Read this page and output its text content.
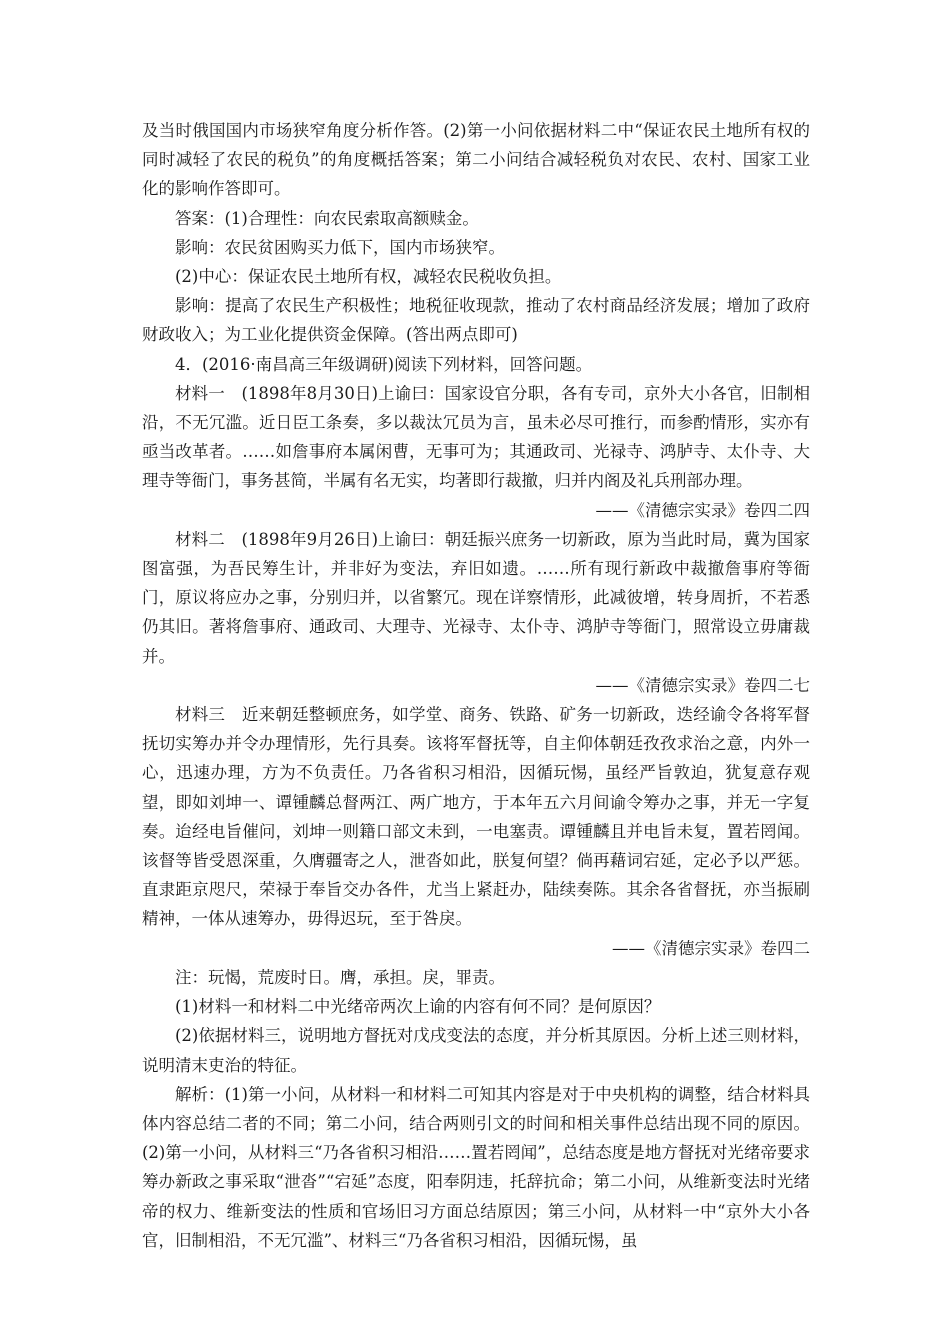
及当时俄国国内市场狭窄角度分析作答。(2)第一小问依据材料二中“保证农民土地所有权的同时减轻了农民的税负”的角度概括答案；第二小问结合减轻税负对农民、农村、国家工业化的影响作答即可。

答案：(1)合理性：向农民索取高额赎金。

影响：农民贫困购买力低下，国内市场狭窄。

(2)中心：保证农民土地所有权，减轻农民税收负担。

影响：提高了农民生产积极性；地税征收现款，推动了农村商品经济发展；增加了政府财政收入；为工业化提供资金保障。(答出两点即可)

4．(2016·南昌高三年级调研)阅读下列材料，回答问题。

材料一　(1898年8月30日)上谕曰：国家设官分职，各有专司，京外大小各官，旧制相沿，不无冗滥。近日臣工条奏，多以裁汰冗员为言，虽未必尽可推行，而参酌情形，实亦有亟当改革者。……如詹事府本属闲曹，无事可为；其通政司、光禄寺、鸿胪寺、太仆寺、大理寺等衙门，事务甚简，半属有名无实，均著即行裁撤，归并内阁及礼兵刑部办理。

——《清德宗实录》卷四二四

材料二　(1898年9月26日)上谕曰：朝廷振兴庶务一切新政，原为当此时局，冀为国家图富强，为吾民筹生计，并非好为变法，弃旧如遗。……所有现行新政中裁撤詹事府等衙门，原议将应办之事，分别归并，以省繁冗。现在详察情形，此减彼增，转身周折，不若悉仍其旧。著将詹事府、通政司、大理寺、光禄寺、太仆寺、鸿胪寺等衙门，照常设立毋庸裁并。

——《清德宗实录》卷四二七

材料三　近来朝廷整顿庶务，如学堂、商务、铁路、矿务一切新政，迭经谕令各将军督抚切实筹办并令办理情形，先行具奏。该将军督抚等，自主仰体朝廷孜孜求治之意，内外一心，迅速办理，方为不负责任。乃各省积习相沿，因循玩惕，虽经严旨敦迫，犹复意存观望，即如刘坤一、谭锺麟总督两江、两广地方，于本年五六月间谕令筹办之事，并无一字复奏。迨经电旨催问，刘坤一则籍口部文未到，一电塞责。谭锺麟且并电旨未复，置若罔闻。该督等皆受恩深重，久膺疆寄之人，泄沓如此，朕复何望？倘再藉词宕延，定必予以严惩。直隶距京咫尺，荣禄于奉旨交办各件，尤当上紧赶办，陆续奏陈。其余各省督抚，亦当振刷精神，一体从速筹办，毋得迟玩，至于咎戾。

——《清德宗实录》卷四二

注：玩愒，荒废时日。膺，承担。戾，罪责。

(1)材料一和材料二中光绪帝两次上谕的内容有何不同？是何原因？

(2)依据材料三，说明地方督抚对戊戌变法的态度，并分析其原因。分析上述三则材料，说明清末吏治的特征。

解析：(1)第一小问，从材料一和材料二可知其内容是对于中央机构的调整，结合材料具体内容总结二者的不同；第二小问，结合两则引文的时间和相关事件总结出现不同的原因。(2)第一小问，从材料三“乃各省积习相沿……置若罔闻”，总结态度是地方督抚对光绪帝要求筹办新政之事采取“泄沓”“宕延”态度，阳奉阴违，托辞抗命；第二小问，从维新变法时光绪帝的权力、维新变法的性质和官场旧习方面总结原因；第三小问，从材料一中“京外大小各官，旧制相沿，不无冗滥”、材料三“乃各省积习相沿，因循玩惕，虽
